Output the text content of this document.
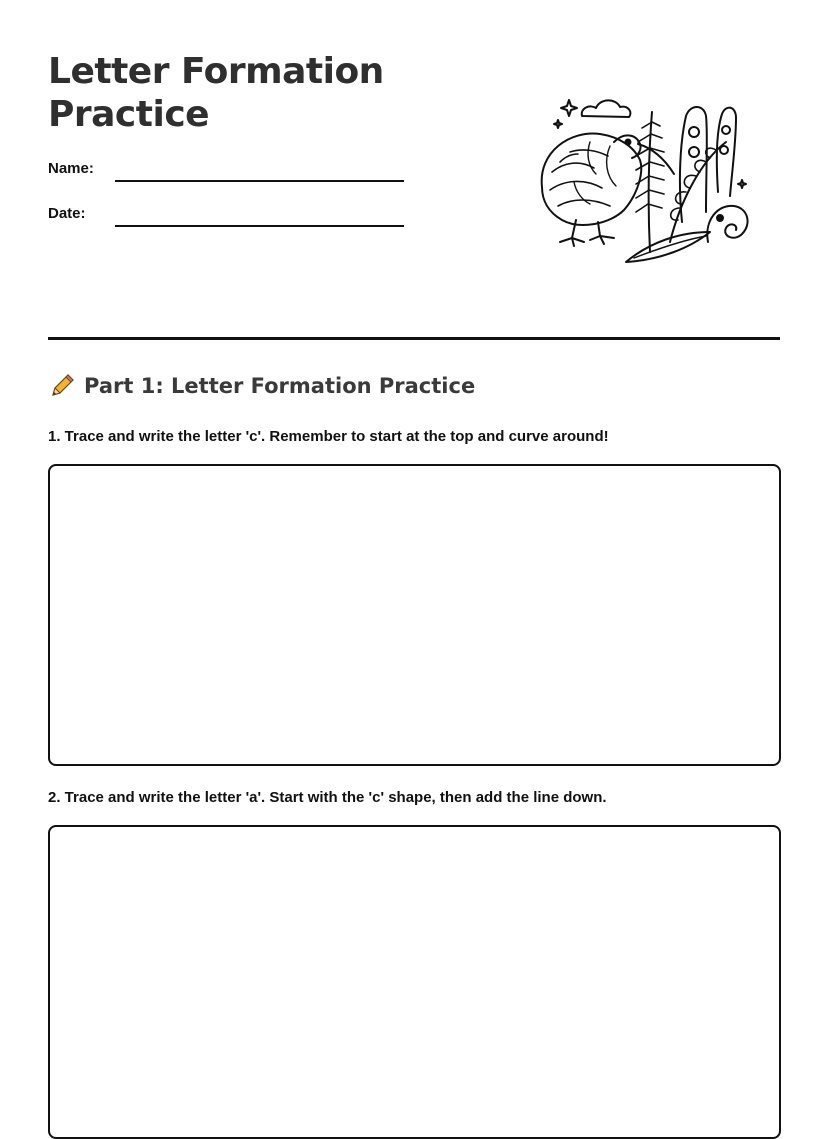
Letter Formation
Practice
Name:
Date:
Part 1: Letter Formation Practice

1. Trace and write the letter 'c'. Remember to start at the top and curve around!

2. Trace and write the letter 'a'. Start with the 'c' shape, then add the line down.
